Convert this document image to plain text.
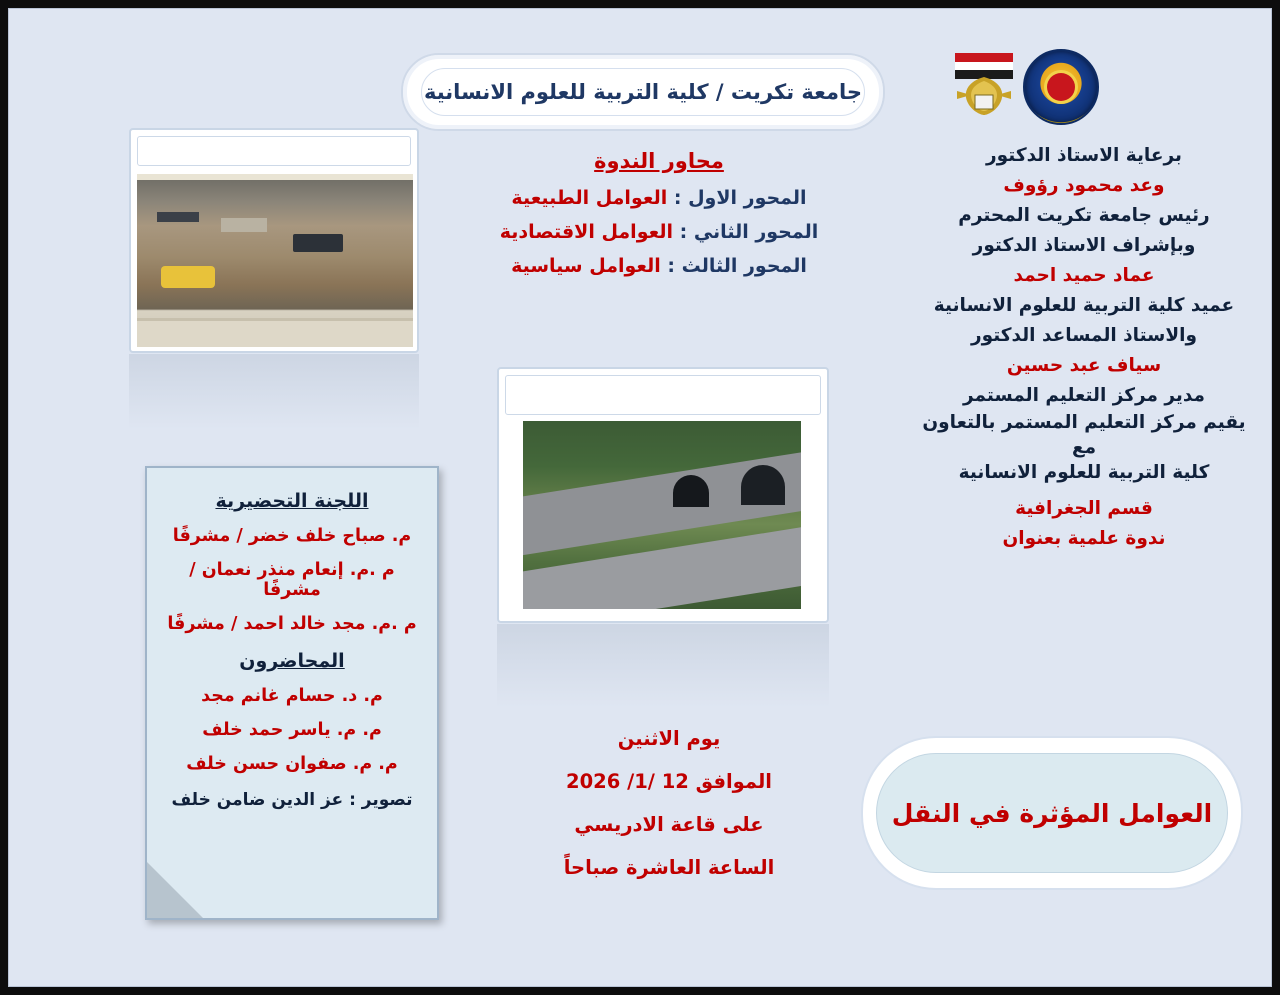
جامعة تكريت / كلية التربية للعلوم الانسانية
برعاية الاستاذ الدكتور
وعد محمود رؤوف
رئيس جامعة تكريت المحترم
وبإشراف الاستاذ الدكتور
عماد حميد احمد
عميد كلية التربية للعلوم الانسانية
والاستاذ المساعد الدكتور
سياف عبد حسين
مدير مركز التعليم المستمر
يقيم مركز التعليم المستمر بالتعاون مع
كلية التربية للعلوم الانسانية
قسم الجغرافية
ندوة علمية بعنوان
العوامل المؤثرة في النقل
محاور الندوة
المحور الاول : العوامل الطبيعية
المحور الثاني : العوامل الاقتصادية
المحور الثالث : العوامل سياسية
اللجنة التحضيرية
م. صباح خلف خضر / مشرفًا
م .م. إنعام منذر نعمان / مشرفًا
م .م. مجد خالد احمد / مشرفًا
المحاضرون
م. د. حسام غانم مجد
م. م. ياسر حمد خلف
م. م. صفوان حسن خلف
تصوير : عز الدين ضامن خلف
يوم الاثنين
الموافق 12 /1/ 2026
على قاعة الادريسي
الساعة العاشرة صباحاً
